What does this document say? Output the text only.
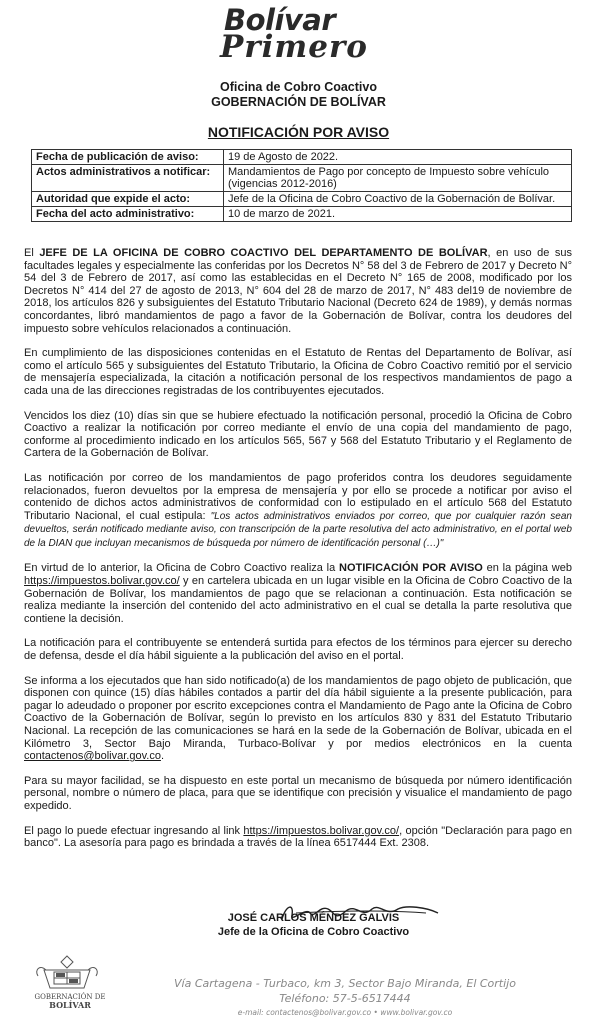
Bolívar
Primero
Oficina de Cobro Coactivo
GOBERNACIÓN DE BOLÍVAR
NOTIFICACIÓN POR AVISO
Fecha de publicación de aviso:	19 de Agosto de 2022.
Actos administrativos a notificar:	Mandamientos de Pago por concepto de Impuesto sobre vehículo (vigencias 2012-2016)
Autoridad que expide el acto:	Jefe de la Oficina de Cobro Coactivo de la Gobernación de Bolívar.
Fecha del acto administrativo:	10 de marzo de 2021.

El JEFE DE LA OFICINA DE COBRO COACTIVO DEL DEPARTAMENTO DE BOLÍVAR, en uso de sus facultades legales y especialmente las conferidas por los Decretos N° 58 del 3 de Febrero de 2017 y Decreto N° 54 del 3 de Febrero de 2017, así como las establecidas en el Decreto N° 165 de 2008, modificado por los Decretos N° 414 del 27 de agosto de 2013, N° 604 del 28 de marzo de 2017, N° 483 del19 de noviembre de 2018, los artículos 826 y subsiguientes del Estatuto Tributario Nacional (Decreto 624 de 1989), y demás normas concordantes, libró mandamientos de pago a favor de la Gobernación de Bolívar, contra los deudores del impuesto sobre vehículos relacionados a continuación.

En cumplimiento de las disposiciones contenidas en el Estatuto de Rentas del Departamento de Bolívar, así como el artículo 565 y subsiguientes del Estatuto Tributario, la Oficina de Cobro Coactivo remitió por el servicio de mensajería especializada, la citación a notificación personal de los respectivos mandamientos de pago a cada una de las direcciones registradas de los contribuyentes ejecutados.

Vencidos los diez (10) días sin que se hubiere efectuado la notificación personal, procedió la Oficina de Cobro Coactivo a realizar la notificación por correo mediante el envío de una copia del mandamiento de pago, conforme al procedimiento indicado en los artículos 565, 567 y 568 del Estatuto Tributario y el Reglamento de Cartera de la Gobernación de Bolívar.

Las notificación por correo de los mandamientos de pago proferidos contra los deudores seguidamente relacionados, fueron devueltos por la empresa de mensajería y por ello se procede a notificar por aviso el contenido de dichos actos administrativos de conformidad con lo estipulado en el artículo 568 del Estatuto Tributario Nacional, el cual estipula: "Los actos administrativos enviados por correo, que por cualquier razón sean devueltos, serán notificado mediante aviso, con transcripción de la parte resolutiva del acto administrativo, en el portal web de la DIAN que incluyan mecanismos de búsqueda por número de identificación personal (…)"

En virtud de lo anterior, la Oficina de Cobro Coactivo realiza la NOTIFICACIÓN POR AVISO en la página web https://impuestos.bolivar.gov.co/ y en cartelera ubicada en un lugar visible en la Oficina de Cobro Coactivo de la Gobernación de Bolívar, los mandamientos de pago que se relacionan a continuación. Esta notificación se realiza mediante la inserción del contenido del acto administrativo en el cual se detalla la parte resolutiva que contiene la decisión.

La notificación para el contribuyente se entenderá surtida para efectos de los términos para ejercer su derecho de defensa, desde el día hábil siguiente a la publicación del aviso en el portal.

Se informa a los ejecutados que han sido notificado(a) de los mandamientos de pago objeto de publicación, que disponen con quince (15) días hábiles contados a partir del día hábil siguiente a la presente publicación, para pagar lo adeudado o proponer por escrito excepciones contra el Mandamiento de Pago ante la Oficina de Cobro Coactivo de la Gobernación de Bolívar, según lo previsto en los artículos 830 y 831 del Estatuto Tributario Nacional. La recepción de las comunicaciones se hará en la sede de la Gobernación de Bolívar, ubicada en el Kilómetro 3, Sector Bajo Miranda, Turbaco-Bolívar y por medios electrónicos en la cuenta contactenos@bolivar.gov.co.

Para su mayor facilidad, se ha dispuesto en este portal un mecanismo de búsqueda por número identificación personal, nombre o número de placa, para que se identifique con precisión y visualice el mandamiento de pago expedido.

El pago lo puede efectuar ingresando al link https://impuestos.bolivar.gov.co/, opción "Declaración para pago en banco". La asesoría para pago es brindada a través de la línea 6517444 Ext. 2308.

JOSÉ CARLOS MÉNDEZ GALVIS
Jefe de la Oficina de Cobro Coactivo
GOBERNACIÓN DE
BOLÍVAR
Vía Cartagena - Turbaco, km 3, Sector Bajo Miranda, El Cortijo
Teléfono: 57-5-6517444
e-mail: contactenos@bolivar.gov.co • www.bolivar.gov.co
